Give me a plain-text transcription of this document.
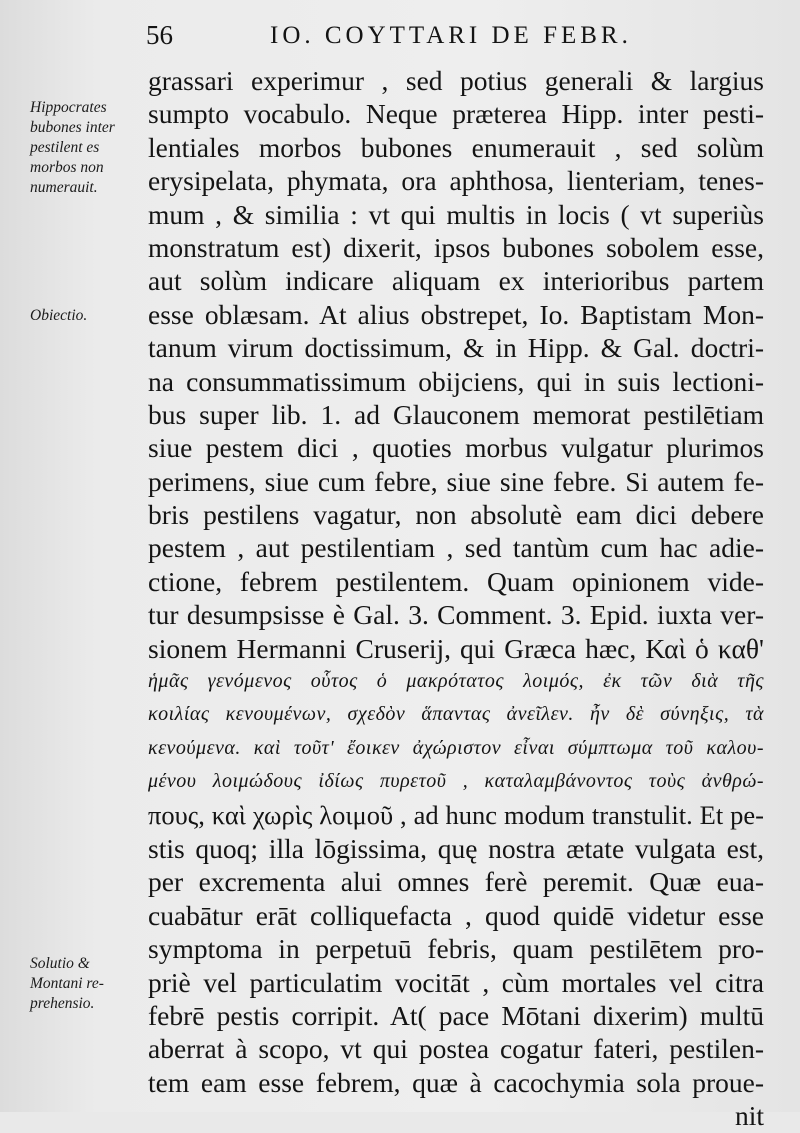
56	IO. COYTTARI DE FEBR.
Hippocrates
bubones inter
pestilent es
morbos non
numerauit.
Obiectio.
Solutio &
Montani re-
prehensio.
grassari experimur , sed potius generali & largius
sumpto vocabulo. Neque præterea Hipp. inter pesti-
lentiales morbos bubones enumerauit , sed solùm
erysipelata, phymata, ora aphthosa, lienteriam, tenes-
mum , & similia : vt qui multis in locis ( vt superiùs
monstratum est) dixerit, ipsos bubones sobolem esse,
aut solùm indicare aliquam ex interioribus partem
esse oblæsam. At alius obstrepet, Io. Baptistam Mon-
tanum virum doctissimum, & in Hipp. & Gal. doctri-
na consummatissimum obijciens, qui in suis lectioni-
bus super lib. 1. ad Glauconem memorat pestilētiam
siue pestem dici , quoties morbus vulgatur plurimos
perimens, siue cum febre, siue sine febre. Si autem fe-
bris pestilens vagatur, non absolutè eam dici debere
pestem , aut pestilentiam , sed tantùm cum hac adie-
ctione, febrem pestilentem. Quam opinionem vide-
tur desumpsisse è Gal. 3. Comment. 3. Epid. iuxta ver-
sionem Hermanni Cruserij, qui Græca hæc, Καὶ ὁ καθ'
ἡμᾶς γενόμενος οὗτος ὁ μακρότατος λοιμός, ἐκ τῶν διὰ τῆς
κοιλίας κενουμένων, σχεδὸν ἅπαντας ἀνεῖλεν. ἦν δὲ σύνηξις, τὰ
κενούμενα. καὶ τοῦτ' ἔοικεν ἀχώριστον εἶναι σύμπτωμα τοῦ καλου-
μένου λοιμώδους ἰδίως πυρετοῦ , καταλαμβάνοντος τοὺς ἀνθρώ-
πους, καὶ χωρὶς λοιμοῦ , ad hunc modum transtulit. Et pe-
stis quoq; illa lōgissima, quę nostra ætate vulgata est,
per excrementa alui omnes ferè peremit. Quæ eua-
cuabātur erāt colliquefacta , quod quidē videtur esse
symptoma in perpetuū febris, quam pestilētem pro-
priè vel particulatim vocitāt , cùm mortales vel citra
febrē pestis corripit. At( pace Mōtani dixerim) multū
aberrat à scopo, vt qui postea cogatur fateri, pestilen-
tem eam esse febrem, quæ à cacochymia sola proue-
nit
